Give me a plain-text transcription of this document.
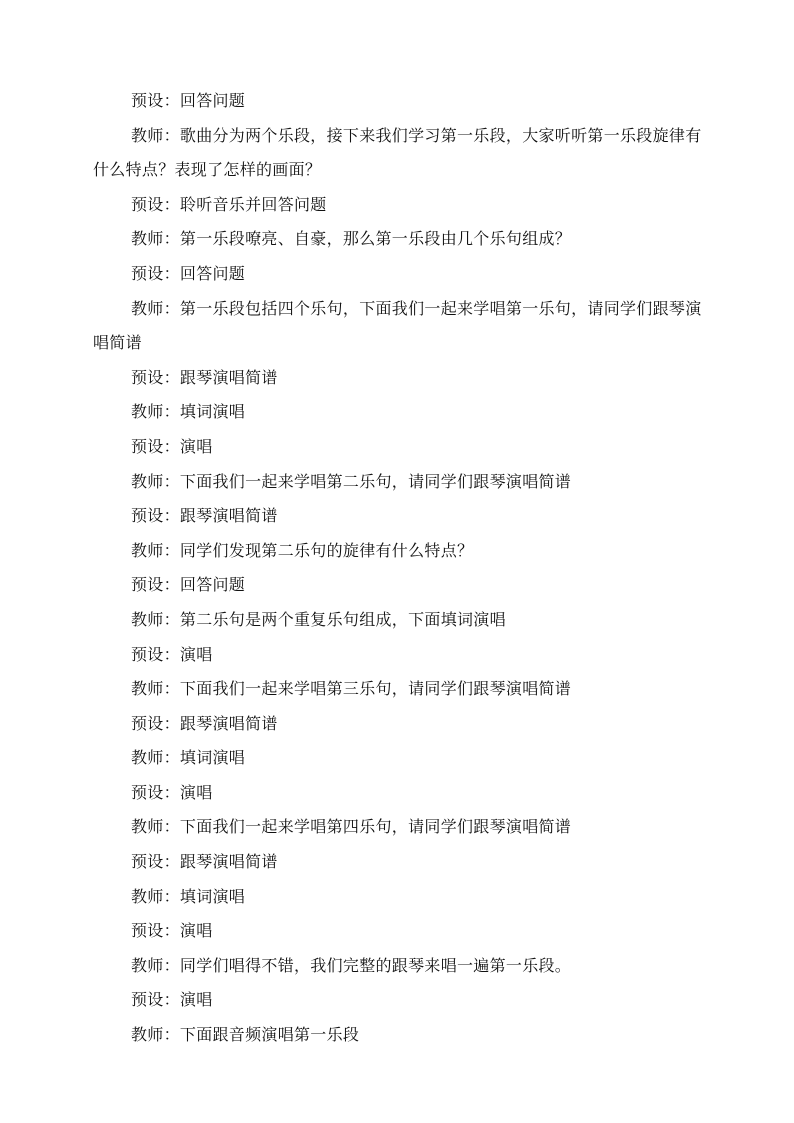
预设：回答问题

教师：歌曲分为两个乐段，接下来我们学习第一乐段，大家听听第一乐段旋律有什么特点？表现了怎样的画面？

预设：聆听音乐并回答问题

教师：第一乐段嘹亮、自豪，那么第一乐段由几个乐句组成？

预设：回答问题

教师：第一乐段包括四个乐句，下面我们一起来学唱第一乐句，请同学们跟琴演唱简谱

预设：跟琴演唱简谱

教师：填词演唱

预设：演唱

教师：下面我们一起来学唱第二乐句，请同学们跟琴演唱简谱

预设：跟琴演唱简谱

教师：同学们发现第二乐句的旋律有什么特点？

预设：回答问题

教师：第二乐句是两个重复乐句组成，下面填词演唱

预设：演唱

教师：下面我们一起来学唱第三乐句，请同学们跟琴演唱简谱

预设：跟琴演唱简谱

教师：填词演唱

预设：演唱

教师：下面我们一起来学唱第四乐句，请同学们跟琴演唱简谱

预设：跟琴演唱简谱

教师：填词演唱

预设：演唱

教师：同学们唱得不错，我们完整的跟琴来唱一遍第一乐段。

预设：演唱

教师：下面跟音频演唱第一乐段
